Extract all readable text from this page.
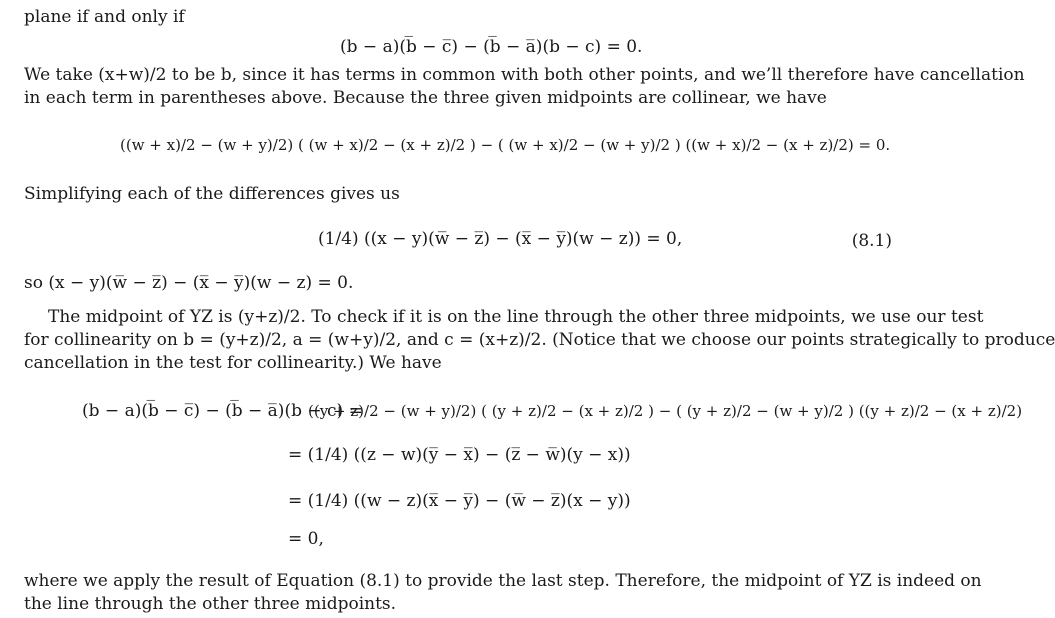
plane if and only if
(b − a)(b̅ − c̅) − (b̅ − a̅)(b − c) = 0.
We take (x+w)/2 to be b, since it has terms in common with both other points, and we’ll therefore have cancellation
in each term in parentheses above. Because the three given midpoints are collinear, we have
((w + x)/2 − (w + y)/2) ( (w + x)/2 − (x + z)/2 ) − ( (w + x)/2 − (w + y)/2 ) ((w + x)/2 − (x + z)/2) = 0.
Simplifying each of the differences gives us
(1/4) ((x − y)(w̅ − z̅) − (x̅ − y̅)(w − z)) = 0,	(8.1)
so (x − y)(w̅ − z̅) − (x̅ − y̅)(w − z) = 0.
The midpoint of YZ is (y+z)/2. To check if it is on the line through the other three midpoints, we use our test
for collinearity on b = (y+z)/2, a = (w+y)/2, and c = (x+z)/2. (Notice that we choose our points strategically to produce
cancellation in the test for collinearity.) We have
(b − a)(b̅ − c̅) − (b̅ − a̅)(b − c) =
((y + z)/2 − (w + y)/2) ( (y + z)/2 − (x + z)/2 ) − ( (y + z)/2 − (w + y)/2 ) ((y + z)/2 − (x + z)/2)
= (1/4) ((z − w)(y̅ − x̅) − (z̅ − w̅)(y − x))
= (1/4) ((w − z)(x̅ − y̅) − (w̅ − z̅)(x − y))
= 0,
where we apply the result of Equation (8.1) to provide the last step. Therefore, the midpoint of YZ is indeed on
the line through the other three midpoints.
